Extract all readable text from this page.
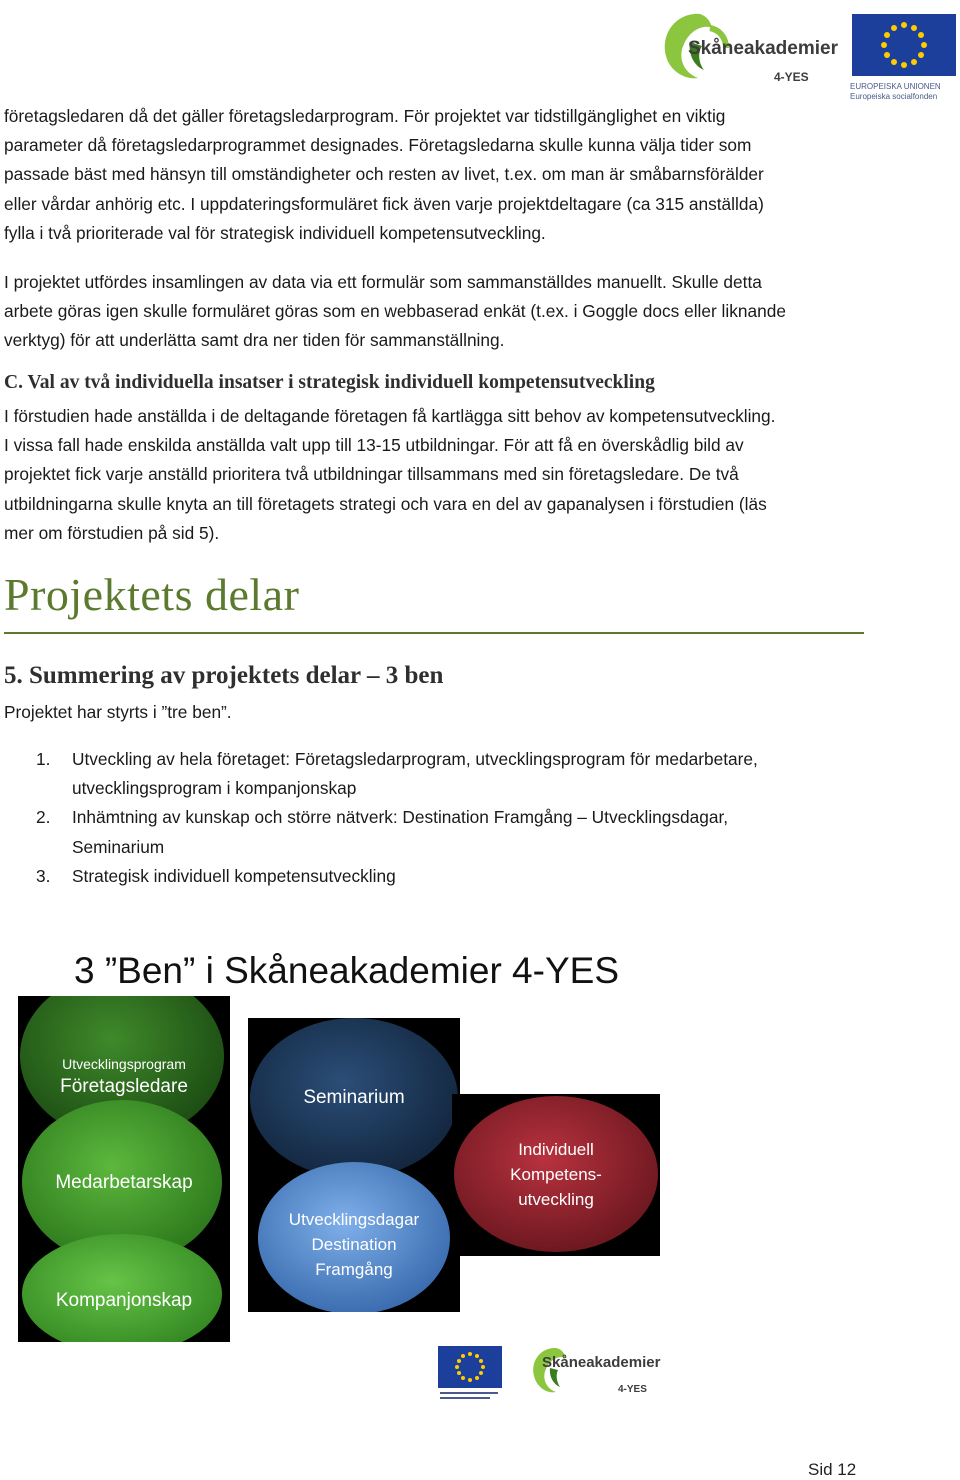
Skåneakademier
4-YES
EUROPEISKA UNIONEN
Europeiska socialfonden

företagsledaren då det gäller företagsledarprogram. För projektet var tidstillgänglighet en viktig

parameter då företagsledarprogrammet designades. Företagsledarna skulle kunna välja tider som

passade bäst med hänsyn till omständigheter och resten av livet, t.ex. om man är småbarnsförälder

eller vårdar anhörig etc. I uppdateringsformuläret fick även varje projektdeltagare (ca 315 anställda)

fylla i två prioriterade val för strategisk individuell kompetensutveckling.

I projektet utfördes insamlingen av data via ett formulär som sammanställdes manuellt. Skulle detta

arbete göras igen skulle formuläret göras som en webbaserad enkät (t.ex. i Goggle docs eller liknande

verktyg) för att underlätta samt dra ner tiden för sammanställning.

C. Val av två individuella insatser i strategisk individuell kompetensutveckling

I förstudien hade anställda i de deltagande företagen få kartlägga sitt behov av kompetensutveckling.

I vissa fall hade enskilda anställda valt upp till 13-15 utbildningar. För att få en överskådlig bild av

projektet fick varje anställd prioritera två utbildningar tillsammans med sin företagsledare. De två

utbildningarna skulle knyta an till företagets strategi och vara en del av gapanalysen i förstudien (läs

mer om förstudien på sid 5).

Projektets delar
5. Summering av projektets delar – 3 ben

Projektet har styrts i ”tre ben”.

1. Utveckling av hela företaget: Företagsledarprogram, utvecklingsprogram för medarbetare,
utvecklingsprogram i kompanjonskap
2. Inhämtning av kunskap och större nätverk: Destination Framgång – Utvecklingsdagar,
Seminarium
3. Strategisk individuell kompetensutveckling
3 ”Ben” i Skåneakademier 4-YES
Utvecklingsprogram
Företagsledare
Medarbetarskap
Kompanjonskap
Seminarium
Utvecklingsdagar
Destination
Framgång
Individuell
Kompetens-
utveckling
Skåneakademier
4-YES
Sid 12
